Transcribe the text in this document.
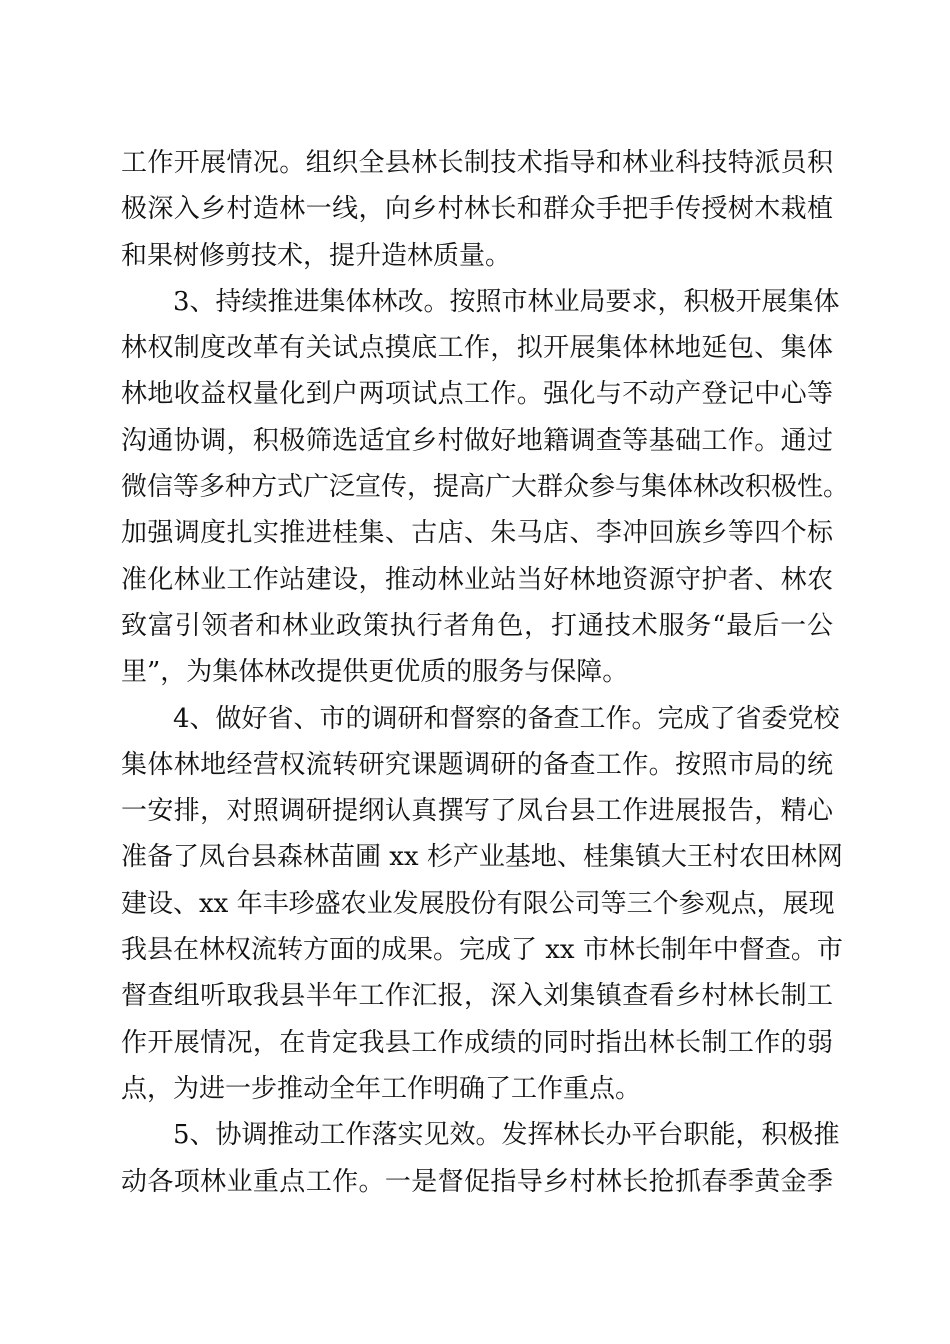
工作开展情况。组织全县林长制技术指导和林业科技特派员积
极深入乡村造林一线，向乡村林长和群众手把手传授树木栽植
和果树修剪技术，提升造林质量。
3、持续推进集体林改。按照市林业局要求，积极开展集体
林权制度改革有关试点摸底工作，拟开展集体林地延包、集体
林地收益权量化到户两项试点工作。强化与不动产登记中心等
沟通协调，积极筛选适宜乡村做好地籍调查等基础工作。通过
微信等多种方式广泛宣传，提高广大群众参与集体林改积极性。
加强调度扎实推进桂集、古店、朱马店、李冲回族乡等四个标
准化林业工作站建设，推动林业站当好林地资源守护者、林农
致富引领者和林业政策执行者角色，打通技术服务“最后一公
里”，为集体林改提供更优质的服务与保障。
4、做好省、市的调研和督察的备查工作。完成了省委党校
集体林地经营权流转研究课题调研的备查工作。按照市局的统
一安排，对照调研提纲认真撰写了凤台县工作进展报告，精心
准备了凤台县森林苗圃 xx 杉产业基地、桂集镇大王村农田林网
建设、xx 年丰珍盛农业发展股份有限公司等三个参观点，展现
我县在林权流转方面的成果。完成了 xx 市林长制年中督查。市
督查组听取我县半年工作汇报，深入刘集镇查看乡村林长制工
作开展情况，在肯定我县工作成绩的同时指出林长制工作的弱
点，为进一步推动全年工作明确了工作重点。
5、协调推动工作落实见效。发挥林长办平台职能，积极推
动各项林业重点工作。一是督促指导乡村林长抢抓春季黄金季
